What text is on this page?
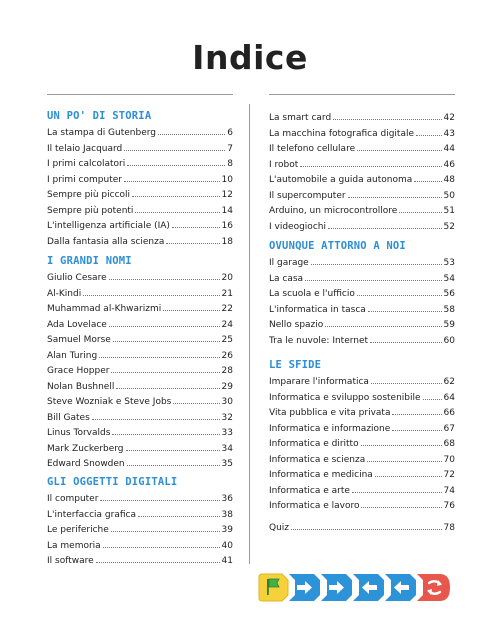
Indice
UN PO' DI STORIA
La stampa di Gutenberg	6
Il telaio Jacquard	7
I primi calcolatori	8
I primi computer	10
Sempre più piccoli	12
Sempre più potenti	14
L'intelligenza artificiale (IA)	16
Dalla fantasia alla scienza	18
I GRANDI NOMI
Giulio Cesare	20
Al-Kindi	21
Muhammad al-Khwarizmi	22
Ada Lovelace	24
Samuel Morse	25
Alan Turing	26
Grace Hopper	28
Nolan Bushnell	29
Steve Wozniak e Steve Jobs	30
Bill Gates	32
Linus Torvalds	33
Mark Zuckerberg	34
Edward Snowden	35
GLI OGGETTI DIGITALI
Il computer	36
L'interfaccia grafica	38
Le periferiche	39
La memoria	40
Il software	41
La smart card	42
La macchina fotografica digitale	43
Il telefono cellulare	44
I robot	46
L'automobile a guida autonoma	48
Il supercomputer	50
Arduino, un microcontrollore	51
I videogiochi	52
OVUNQUE ATTORNO A NOI
Il garage	53
La casa	54
La scuola e l'ufficio	56
L'informatica in tasca	58
Nello spazio	59
Tra le nuvole: Internet	60
LE SFIDE
Imparare l'informatica	62
Informatica e sviluppo sostenibile	64
Vita pubblica e vita privata	66
Informatica e informazione	67
Informatica e diritto	68
Informatica e scienza	70
Informatica e medicina	72
Informatica e arte	74
Informatica e lavoro	76
Quiz	78
